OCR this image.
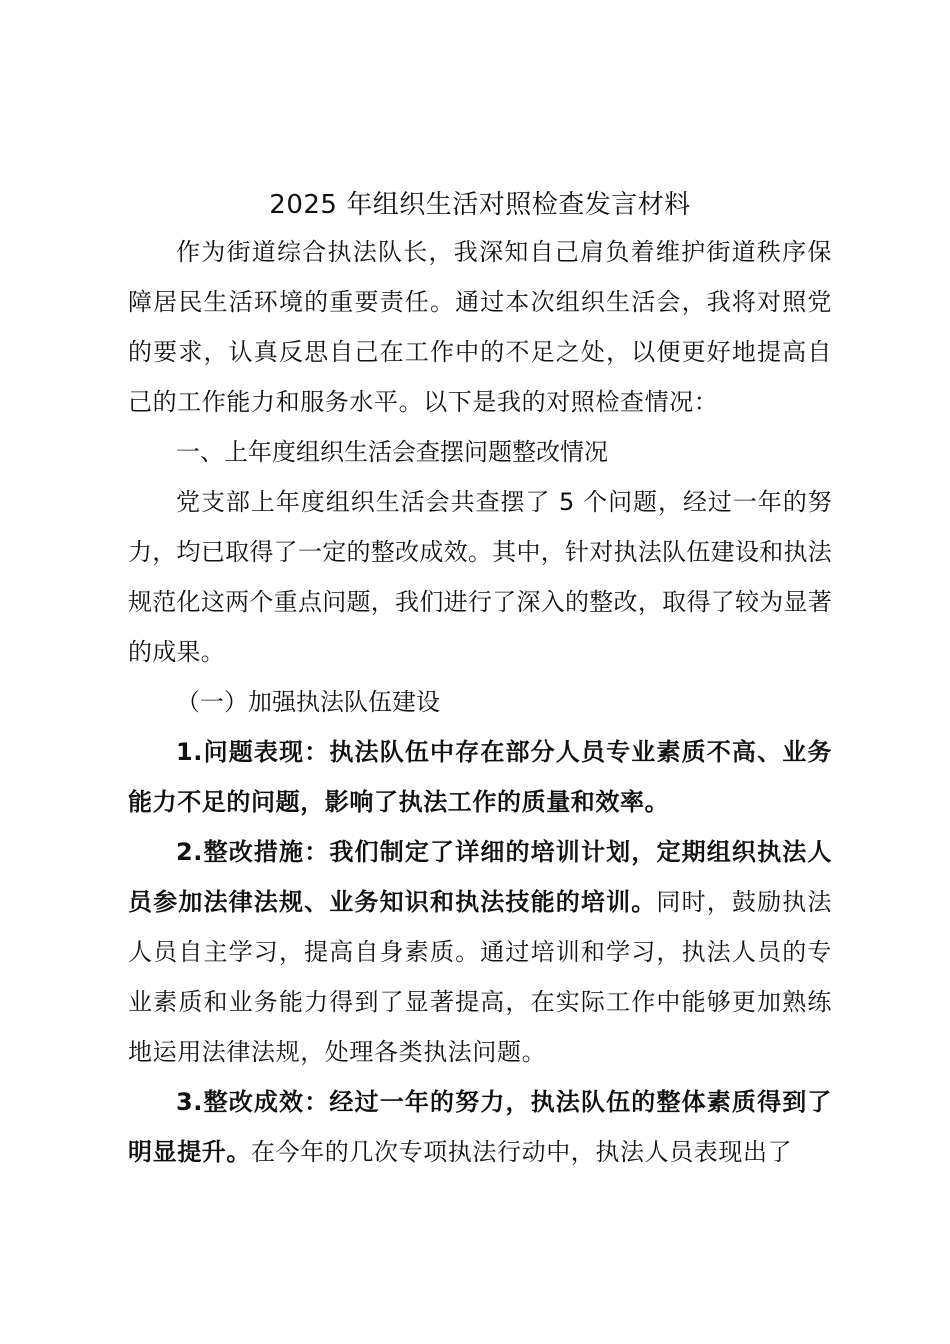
2025 年组织生活对照检查发言材料

作为街道综合执法队长，我深知自己肩负着维护街道秩序保障居民生活环境的重要责任。通过本次组织生活会，我将对照党的要求，认真反思自己在工作中的不足之处，以便更好地提高自己的工作能力和服务水平。以下是我的对照检查情况：

一、上年度组织生活会查摆问题整改情况

党支部上年度组织生活会共查摆了 5 个问题，经过一年的努力，均已取得了一定的整改成效。其中，针对执法队伍建设和执法规范化这两个重点问题，我们进行了深入的整改，取得了较为显著的成果。

（一）加强执法队伍建设

1.问题表现：执法队伍中存在部分人员专业素质不高、业务能力不足的问题，影响了执法工作的质量和效率。

2.整改措施：我们制定了详细的培训计划，定期组织执法人员参加法律法规、业务知识和执法技能的培训。同时，鼓励执法人员自主学习，提高自身素质。通过培训和学习，执法人员的专业素质和业务能力得到了显著提高，在实际工作中能够更加熟练地运用法律法规，处理各类执法问题。

3.整改成效：经过一年的努力，执法队伍的整体素质得到了明显提升。在今年的几次专项执法行动中，执法人员表现出了
